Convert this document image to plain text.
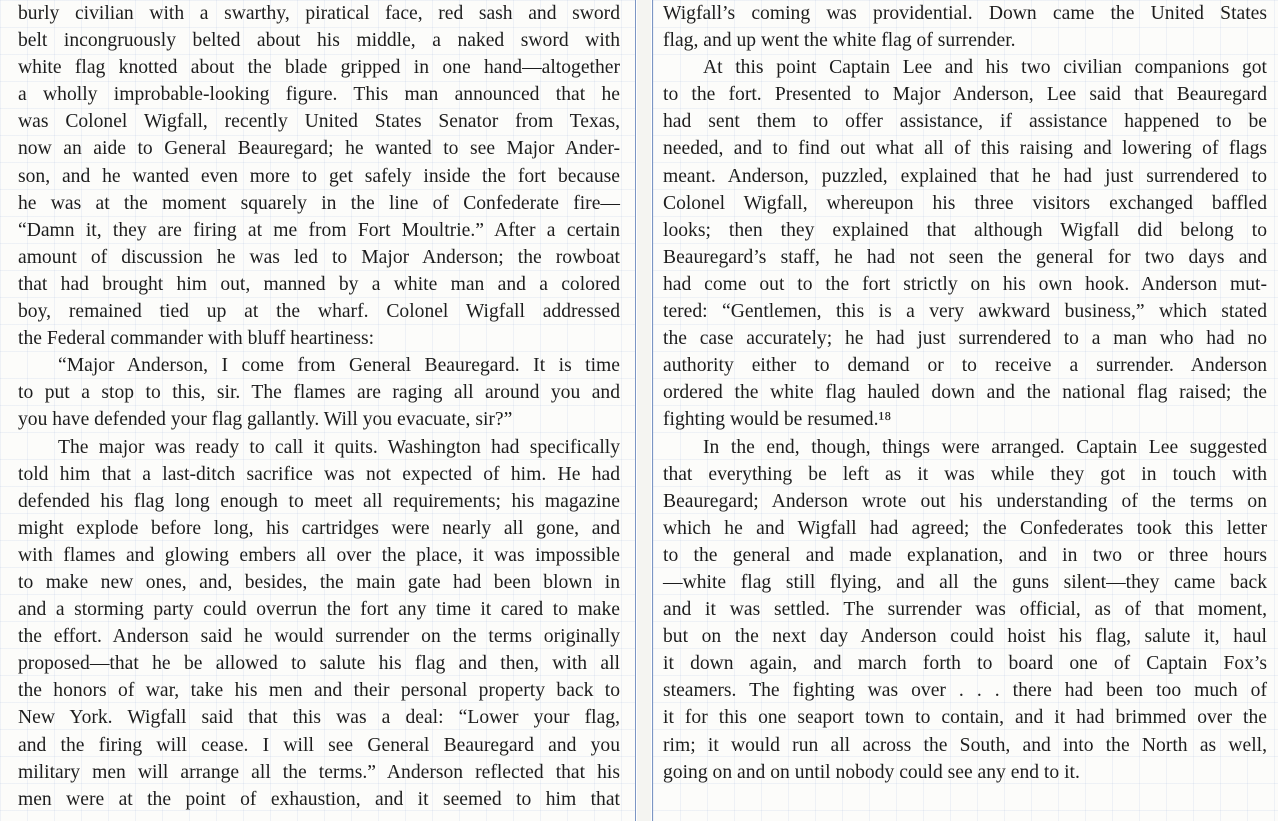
burly civilian with a swarthy, piratical face, red sash and sword
belt incongruously belted about his middle, a naked sword with
white flag knotted about the blade gripped in one hand—altogether
a wholly improbable-looking figure. This man announced that he
was Colonel Wigfall, recently United States Senator from Texas,
now an aide to General Beauregard; he wanted to see Major Ander-
son, and he wanted even more to get safely inside the fort because
he was at the moment squarely in the line of Confederate fire—
“Damn it, they are firing at me from Fort Moultrie.” After a certain
amount of discussion he was led to Major Anderson; the rowboat
that had brought him out, manned by a white man and a colored
boy, remained tied up at the wharf. Colonel Wigfall addressed
the Federal commander with bluff heartiness:
“Major Anderson, I come from General Beauregard. It is time
to put a stop to this, sir. The flames are raging all around you and
you have defended your flag gallantly. Will you evacuate, sir?”
The major was ready to call it quits. Washington had specifically
told him that a last-ditch sacrifice was not expected of him. He had
defended his flag long enough to meet all requirements; his magazine
might explode before long, his cartridges were nearly all gone, and
with flames and glowing embers all over the place, it was impossible
to make new ones, and, besides, the main gate had been blown in
and a storming party could overrun the fort any time it cared to make
the effort. Anderson said he would surrender on the terms originally
proposed—that he be allowed to salute his flag and then, with all
the honors of war, take his men and their personal property back to
New York. Wigfall said that this was a deal: “Lower your flag,
and the firing will cease. I will see General Beauregard and you
military men will arrange all the terms.” Anderson reflected that his
men were at the point of exhaustion, and it seemed to him that
Wigfall’s coming was providential. Down came the United States
flag, and up went the white flag of surrender.
At this point Captain Lee and his two civilian companions got
to the fort. Presented to Major Anderson, Lee said that Beauregard
had sent them to offer assistance, if assistance happened to be
needed, and to find out what all of this raising and lowering of flags
meant. Anderson, puzzled, explained that he had just surrendered to
Colonel Wigfall, whereupon his three visitors exchanged baffled
looks; then they explained that although Wigfall did belong to
Beauregard’s staff, he had not seen the general for two days and
had come out to the fort strictly on his own hook. Anderson mut-
tered: “Gentlemen, this is a very awkward business,” which stated
the case accurately; he had just surrendered to a man who had no
authority either to demand or to receive a surrender. Anderson
ordered the white flag hauled down and the national flag raised; the
fighting would be resumed.¹⁸
In the end, though, things were arranged. Captain Lee suggested
that everything be left as it was while they got in touch with
Beauregard; Anderson wrote out his understanding of the terms on
which he and Wigfall had agreed; the Confederates took this letter
to the general and made explanation, and in two or three hours
—white flag still flying, and all the guns silent—they came back
and it was settled. The surrender was official, as of that moment,
but on the next day Anderson could hoist his flag, salute it, haul
it down again, and march forth to board one of Captain Fox’s
steamers. The fighting was over . . . there had been too much of
it for this one seaport town to contain, and it had brimmed over the
rim; it would run all across the South, and into the North as well,
going on and on until nobody could see any end to it.
